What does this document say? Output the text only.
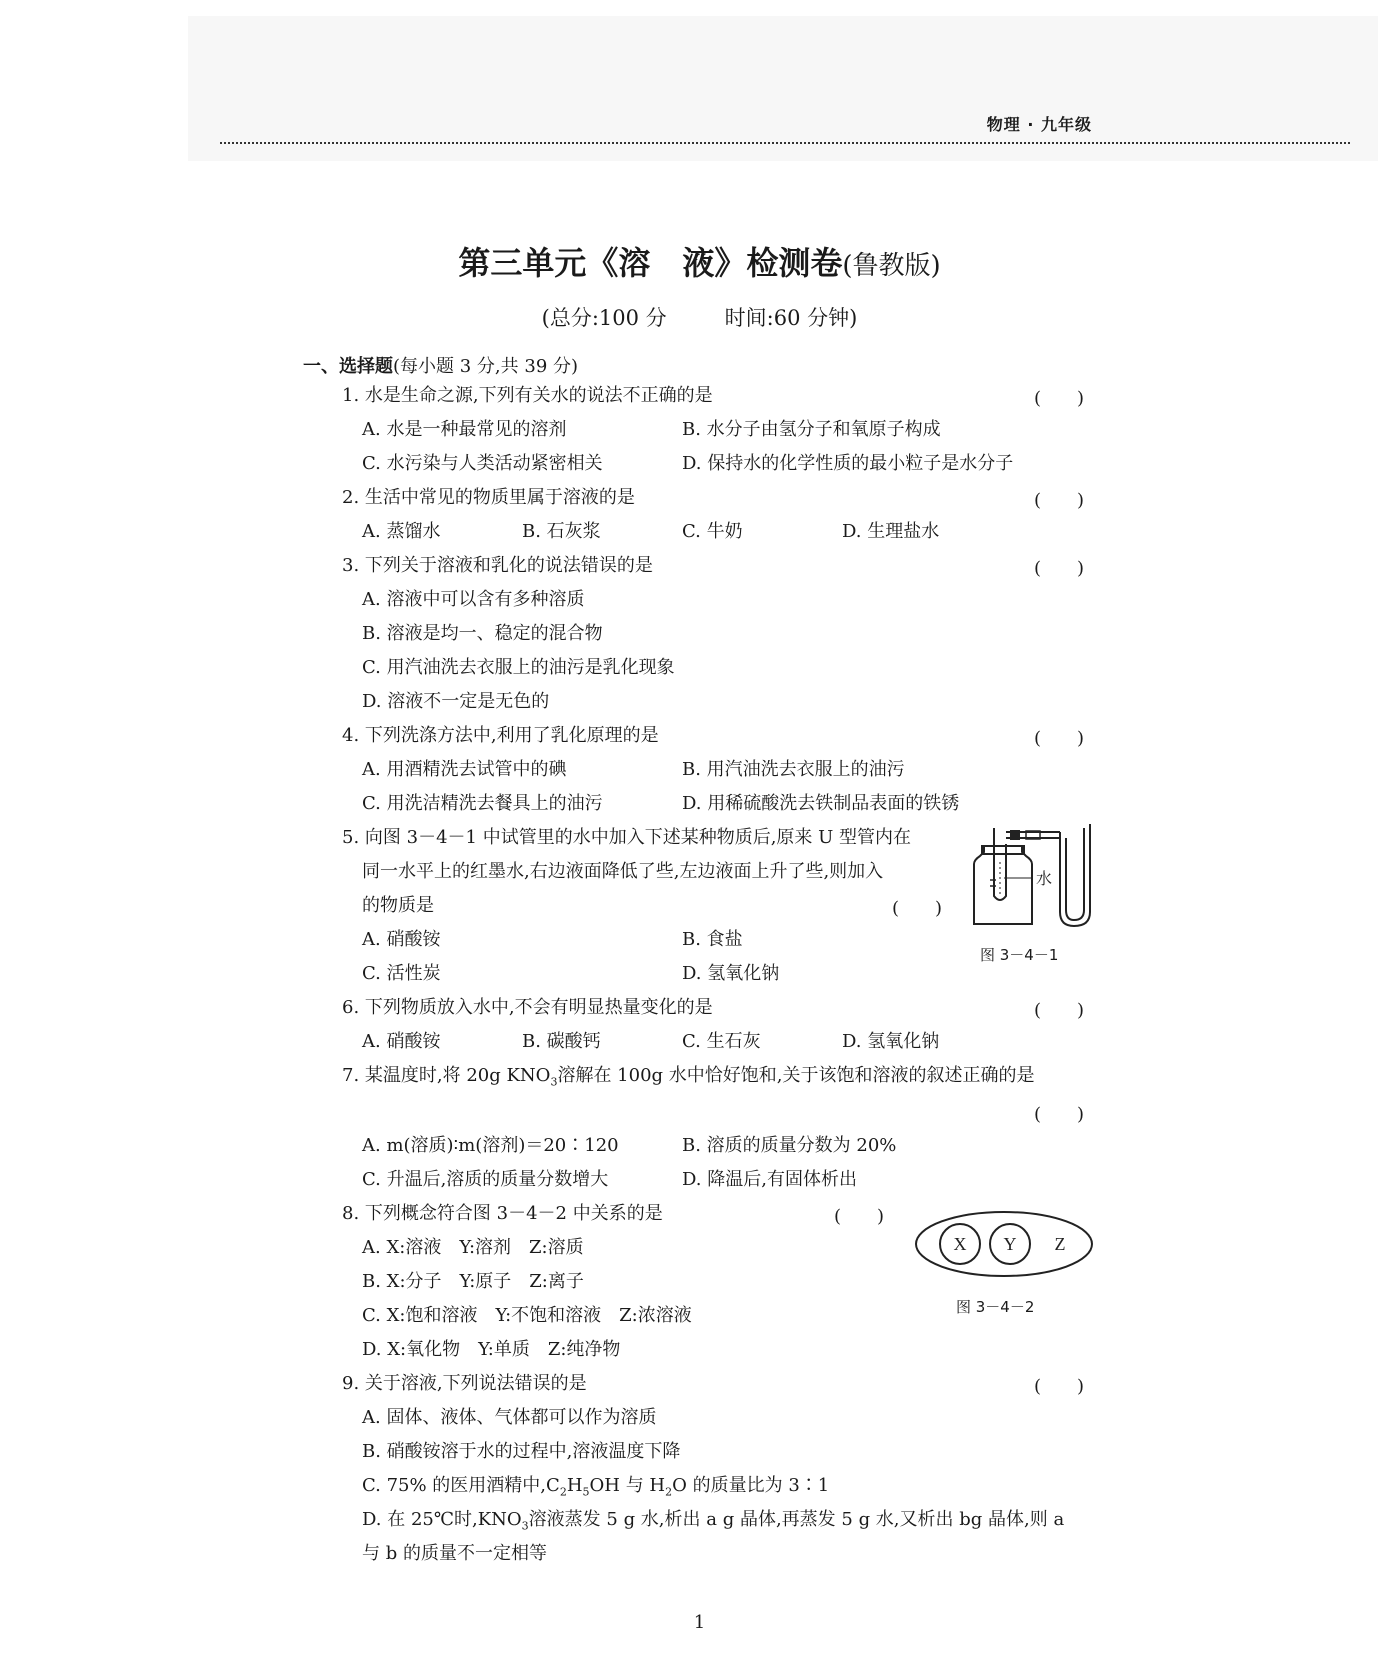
物理 · 九年级
第三单元《溶　液》检测卷(鲁教版)
(总分:100 分	时间:60 分钟)
一、选择题(每小题 3 分,共 39 分)
1. 水是生命之源,下列有关水的说法不正确的是	(　　)
A. 水是一种最常见的溶剂	B. 水分子由氢分子和氧原子构成
C. 水污染与人类活动紧密相关	D. 保持水的化学性质的最小粒子是水分子
2. 生活中常见的物质里属于溶液的是	(　　)
A. 蒸馏水	B. 石灰浆	C. 牛奶	D. 生理盐水
3. 下列关于溶液和乳化的说法错误的是	(　　)
A. 溶液中可以含有多种溶质
B. 溶液是均一、稳定的混合物
C. 用汽油洗去衣服上的油污是乳化现象
D. 溶液不一定是无色的
4. 下列洗涤方法中,利用了乳化原理的是	(　　)
A. 用酒精洗去试管中的碘	B. 用汽油洗去衣服上的油污
C. 用洗洁精洗去餐具上的油污	D. 用稀硫酸洗去铁制品表面的铁锈
5. 向图 3－4－1 中试管里的水中加入下述某种物质后,原来 U 型管内在
同一水平上的红墨水,右边液面降低了些,左边液面上升了些,则加入
的物质是	(　　)
A. 硝酸铵	B. 食盐
C. 活性炭	D. 氢氧化钠
水
图 3－4－1
6. 下列物质放入水中,不会有明显热量变化的是	(　　)
A. 硝酸铵	B. 碳酸钙	C. 生石灰	D. 氢氧化钠
7. 某温度时,将 20g $KNO_3$溶解在 100g 水中恰好饱和,关于该饱和溶液的叙述正确的是
(　　)
A. m(溶质)∶m(溶剂)＝20∶120	B. 溶质的质量分数为 20%
C. 升温后,溶质的质量分数增大	D. 降温后,有固体析出
8. 下列概念符合图 3－4－2 中关系的是	(　　)
A. X:溶液　Y:溶剂　Z:溶质
B. X:分子　Y:原子　Z:离子
C. X:饱和溶液　Y:不饱和溶液　Z:浓溶液
D. X:氧化物　Y:单质　Z:纯净物
X Y Z
图 3－4－2
9. 关于溶液,下列说法错误的是	(　　)
A. 固体、液体、气体都可以作为溶质
B. 硝酸铵溶于水的过程中,溶液温度下降
C. 75% 的医用酒精中$,C_2H_5OH$ 与 $H_2O$ 的质量比为 3∶1
D. 在 25℃时$,KNO_3$溶液蒸发 5 g 水,析出 a g 晶体,再蒸发 5 g 水,又析出 bg 晶体,则 a
与 b 的质量不一定相等
1
